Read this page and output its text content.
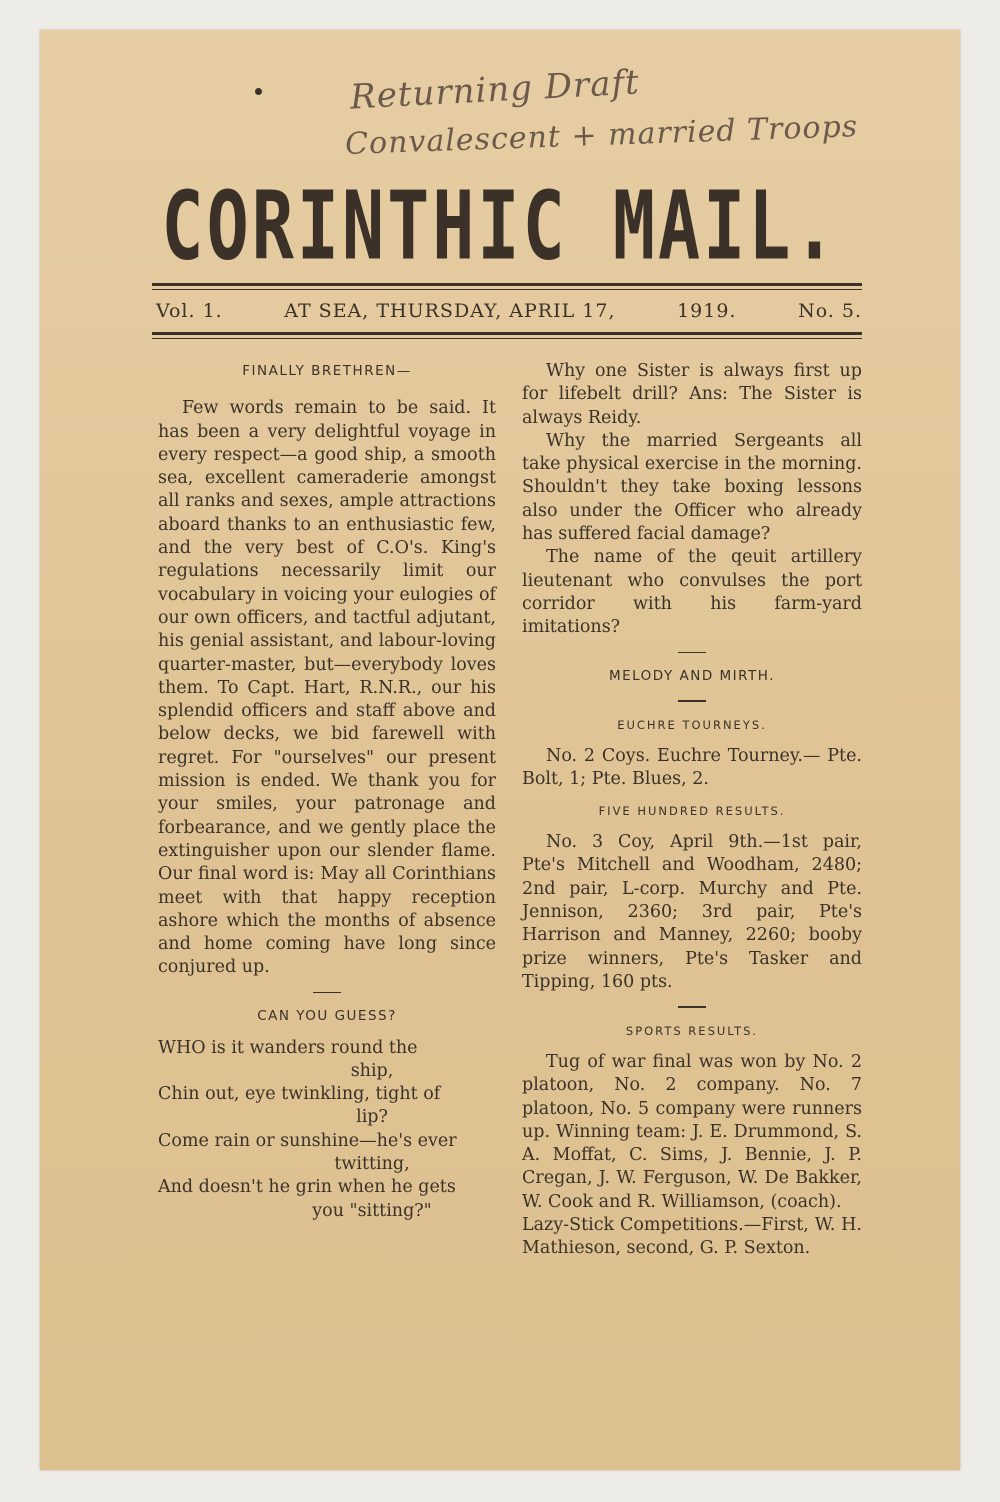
Returning Draft
Convalescent + married Troops
CORINTHIC MAIL.
Vol. 1.	AT SEA, THURSDAY, APRIL 17,	1919.	No. 5.

FINALLY BRETHREN—

Few words remain to be said. It has been a very delightful voyage in every respect—a good ship, a smooth sea, excellent cameraderie amongst all ranks and sexes, ample attractions aboard thanks to an enthusiastic few, and the very best of C.O's. King's regulations necessarily limit our vocabulary in voicing your eulogies of our own officers, and tactful adjutant, his genial assistant, and labour-loving quarter-master, but—everybody loves them. To Capt. Hart, R.N.R., our his splendid officers and staff above and below decks, we bid farewell with regret. For "ourselves" our present mission is ended. We thank you for your smiles, your patronage and forbearance, and we gently place the extinguisher upon our slender flame. Our final word is: May all Corinthians meet with that happy reception ashore which the months of absence and home coming have long since conjured up.

CAN YOU GUESS?

WHO is it wanders round the
ship,
Chin out, eye twinkling, tight of
lip?
Come rain or sunshine—he's ever
twitting,
And doesn't he grin when he gets
you "sitting?"

Why one Sister is always first up for lifebelt drill? Ans: The Sister is always Reidy.

Why the married Sergeants all take physical exercise in the morning. Shouldn't they take boxing lessons also under the Officer who already has suffered facial damage?

The name of the qeuit artillery lieutenant who convulses the port corridor with his farm-yard imitations?

MELODY AND MIRTH.

EUCHRE TOURNEYS.

No. 2 Coys. Euchre Tourney.— Pte. Bolt, 1; Pte. Blues, 2.

FIVE HUNDRED RESULTS.

No. 3 Coy, April 9th.—1st pair, Pte's Mitchell and Woodham, 2480; 2nd pair, L-corp. Murchy and Pte. Jennison, 2360; 3rd pair, Pte's Harrison and Manney, 2260; booby prize winners, Pte's Tasker and Tipping, 160 pts.

SPORTS RESULTS.

Tug of war final was won by No. 2 platoon, No. 2 company. No. 7 platoon, No. 5 company were runners up. Winning team: J. E. Drummond, S. A. Moffat, C. Sims, J. Bennie, J. P. Cregan, J. W. Ferguson, W. De Bakker, W. Cook and R. Williamson, (coach).

Lazy-Stick Competitions.—First, W. H. Mathieson, second, G. P. Sexton.
